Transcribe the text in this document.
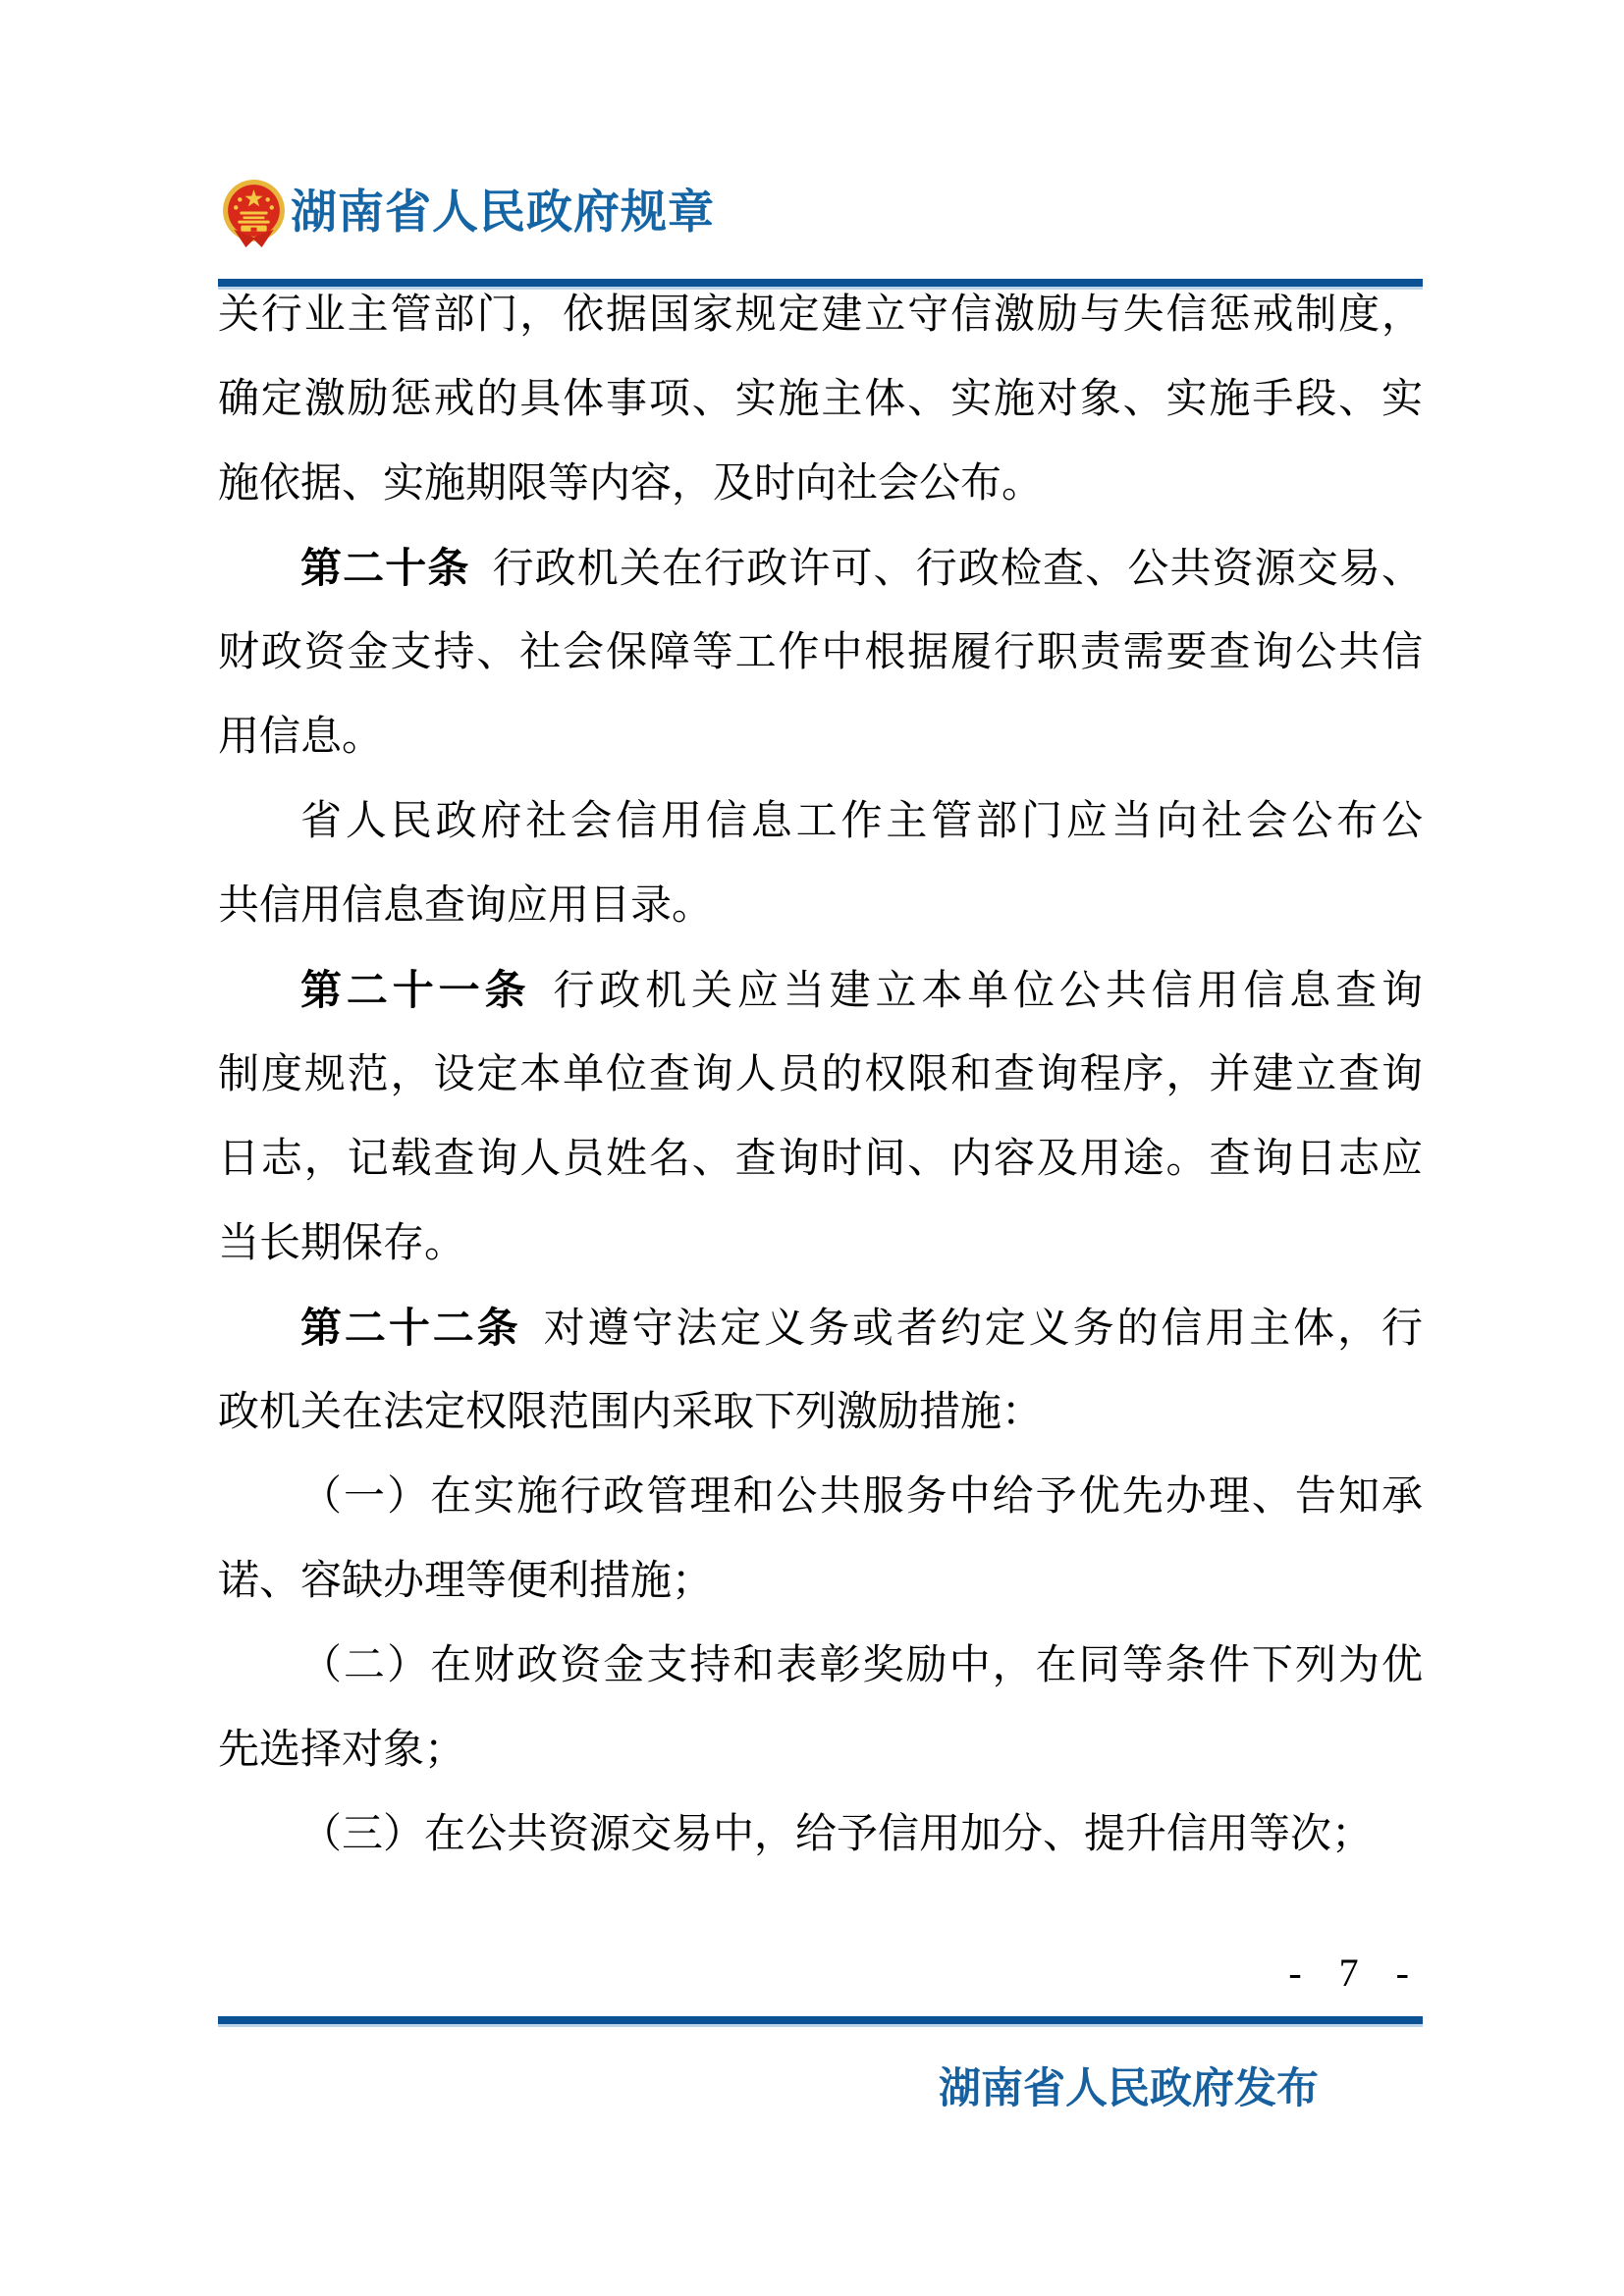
湖南省人民政府规章
关行业主管部门，依据国家规定建立守信激励与失信惩戒制度，
确定激励惩戒的具体事项、实施主体、实施对象、实施手段、实
施依据、实施期限等内容，及时向社会公布。
第二十条 行政机关在行政许可、行政检查、公共资源交易、
财政资金支持、社会保障等工作中根据履行职责需要查询公共信
用信息。
省人民政府社会信用信息工作主管部门应当向社会公布公
共信用信息查询应用目录。
第二十一条 行政机关应当建立本单位公共信用信息查询
制度规范，设定本单位查询人员的权限和查询程序，并建立查询
日志，记载查询人员姓名、查询时间、内容及用途。查询日志应
当长期保存。
第二十二条 对遵守法定义务或者约定义务的信用主体，行
政机关在法定权限范围内采取下列激励措施：
（一）在实施行政管理和公共服务中给予优先办理、告知承
诺、容缺办理等便利措施；
（二）在财政资金支持和表彰奖励中，在同等条件下列为优
先选择对象；
（三）在公共资源交易中，给予信用加分、提升信用等次；
- 7 -
湖南省人民政府发布
